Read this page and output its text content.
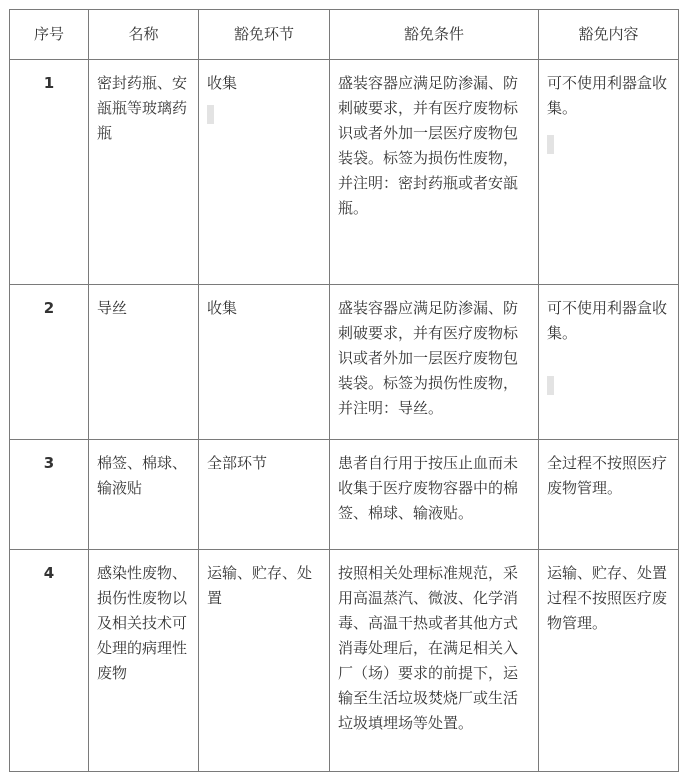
序号	名称	豁免环节	豁免条件	豁免内容
1	密封药瓶、安瓿瓶等玻璃药瓶	收集	盛装容器应满足防渗漏、防刺破要求，并有医疗废物标识或者外加一层医疗废物包装袋。标签为损伤性废物，并注明：密封药瓶或者安瓿瓶。	可不使用利器盒收集。

2	导丝	收集	盛装容器应满足防渗漏、防刺破要求，并有医疗废物标识或者外加一层医疗废物包装袋。标签为损伤性废物，并注明：导丝。	可不使用利器盒收集。

3	棉签、棉球、输液贴	全部环节	患者自行用于按压止血而未收集于医疗废物容器中的棉签、棉球、输液贴。	全过程不按照医疗废物管理。
4	感染性废物、损伤性废物以及相关技术可处理的病理性废物	运输、贮存、处置	按照相关处理标准规范，采用高温蒸汽、微波、化学消毒、高温干热或者其他方式消毒处理后，在满足相关入厂（场）要求的前提下，运输至生活垃圾焚烧厂或生活垃圾填埋场等处置。	运输、贮存、处置过程不按照医疗废物管理。
